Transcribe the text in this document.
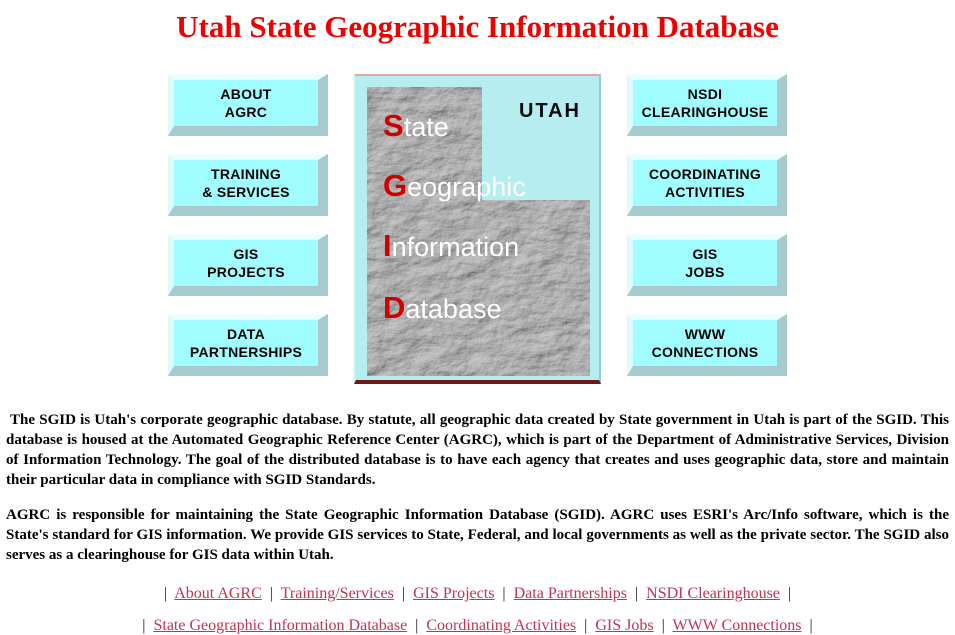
Utah State Geographic Information Database
ABOUT
AGRC
TRAINING
& SERVICES
GIS
PROJECTS
DATA
PARTNERSHIPS
UTAH
State
Geographic
Information
Database
NSDI
CLEARINGHOUSE
COORDINATING
ACTIVITIES
GIS
JOBS
WWW
CONNECTIONS

The SGID is Utah's corporate geographic database. By statute, all geographic data created by State government in Utah is part of the SGID. This database is housed at the Automated Geographic Reference Center (AGRC), which is part of the Department of Administrative Services, Division of Information Technology. The goal of the distributed database is to have each agency that creates and uses geographic data, store and maintain their particular data in compliance with SGID Standards.

AGRC is responsible for maintaining the State Geographic Information Database (SGID). AGRC uses ESRI's Arc/Info software, which is the State's standard for GIS information. We provide GIS services to State, Federal, and local governments as well as the private sector. The SGID also serves as a clearinghouse for GIS data within Utah.

| About AGRC | Training/Services | GIS Projects | Data Partnerships | NSDI Clearinghouse |
| State Geographic Information Database | Coordinating Activities | GIS Jobs | WWW Connections |
